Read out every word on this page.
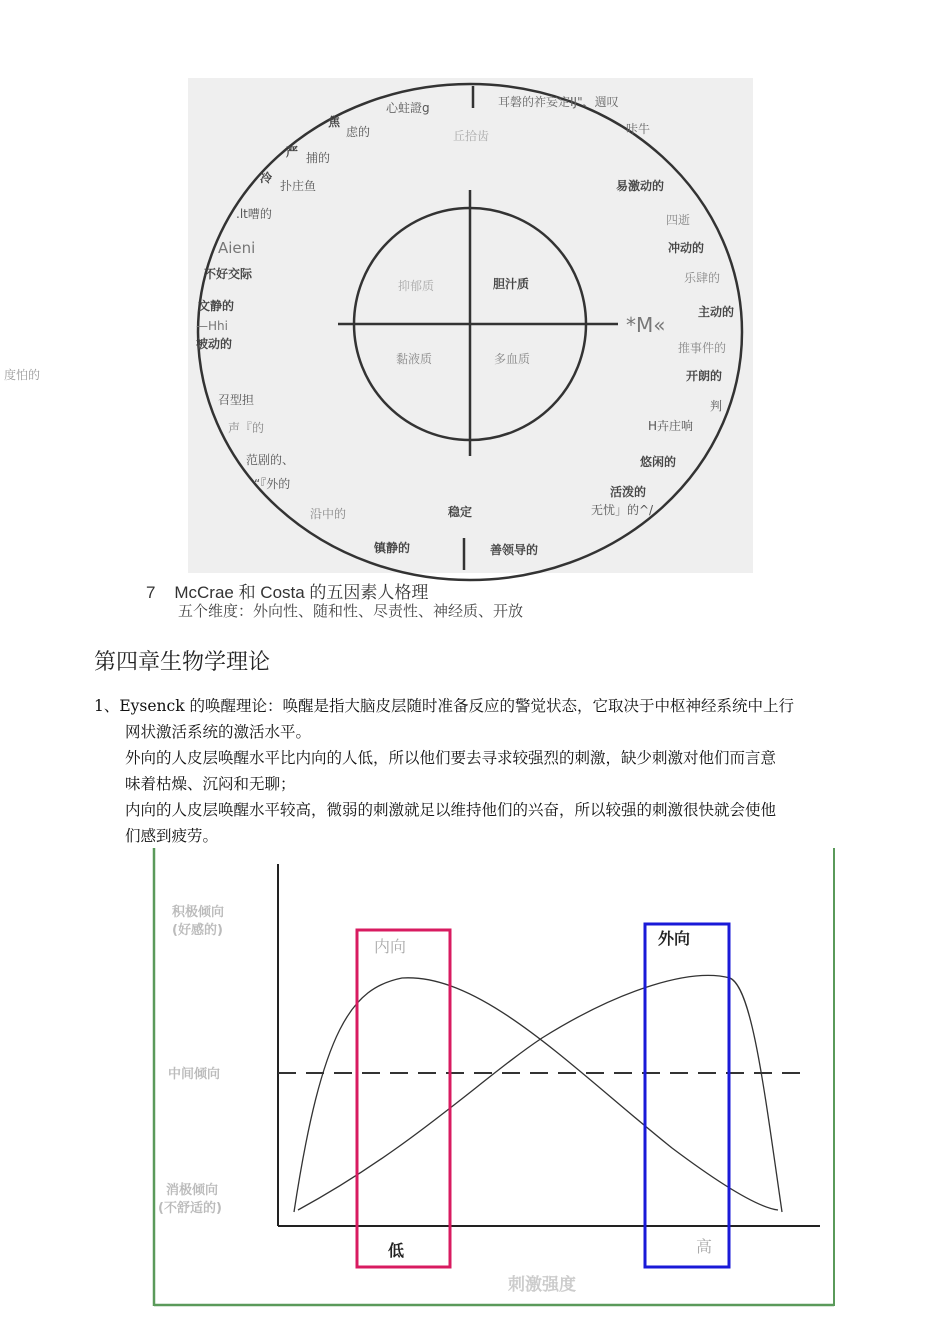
度怕的
抑郁质	胆汁质
黏液质	多血质
稳定
*M«
镇静的	善领导的
耳磐的祚妄定IJ"、週叹
咔牛
心蛀證g
焦
虑的	丘拾齿
严 捕的
冷
扑庄鱼
.lt嘈的
Aieni
不好交际
文静的
—Hhi
被动的
召型担
声『的
范剧的、
“『外的
沿中的
易激动的
四逝
冲动的
乐肆的
主动的
推事件的
开朗的
判
H卉庄响
悠闲的
活泼的
无忧」的^/
五个维度：外向性、随和性、尽责性、神经质、开放
7    McCrae 和 Costa 的五因素人格理
第四章生物学理论
1、Eysenck 的唤醒理论：唤醒是指大脑皮层随时准备反应的警觉状态，它取决于中枢神经系统中上行
网状激活系统的激活水平。
外向的人皮层唤醒水平比内向的人低，所以他们要去寻求较强烈的刺激，缺少刺激对他们而言意
味着枯燥、沉闷和无聊；
内向的人皮层唤醒水平较高，微弱的刺激就足以维持他们的兴奋，所以较强的刺激很快就会使他
们感到疲劳。
内向	外向
低	高
刺激强度
积极倾向(好感的)
中间倾向
消极倾向(不舒适的)
